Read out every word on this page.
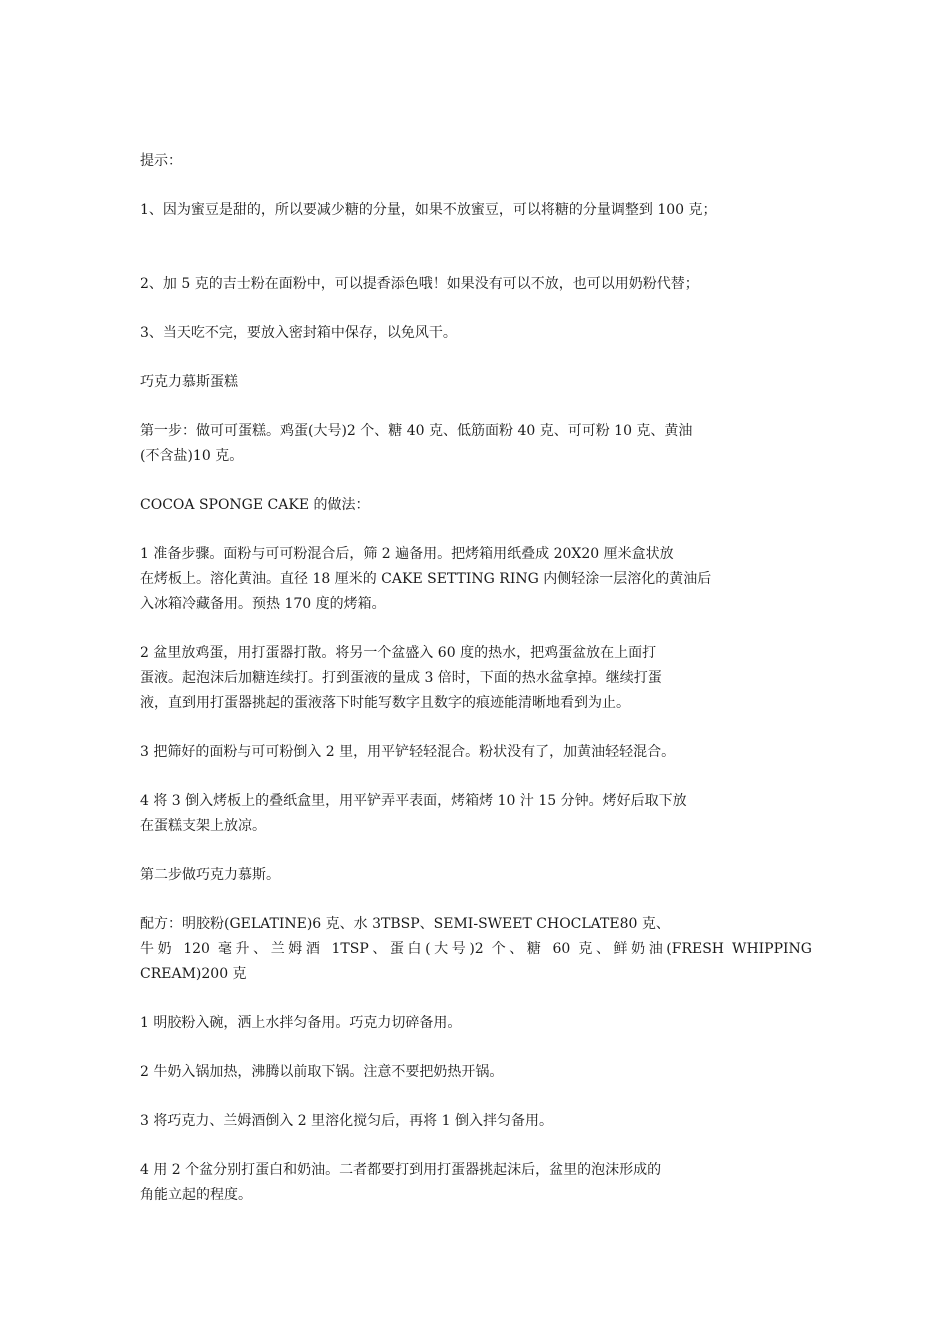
提示：

1、因为蜜豆是甜的，所以要减少糖的分量，如果不放蜜豆，可以将糖的分量调整到 100 克；

2、加 5 克的吉士粉在面粉中，可以提香添色哦！如果没有可以不放，也可以用奶粉代替；

3、当天吃不完，要放入密封箱中保存，以免风干。

巧克力慕斯蛋糕

第一步：做可可蛋糕。鸡蛋(大号)2 个、糖 40 克、低筋面粉 40 克、可可粉 10 克、黄油
(不含盐)10 克。

COCOA SPONGE CAKE 的做法：

1 准备步骤。面粉与可可粉混合后，筛 2 遍备用。把烤箱用纸叠成 20X20 厘米盒状放
在烤板上。溶化黄油。直径 18 厘米的 CAKE SETTING RING 内侧轻涂一层溶化的黄油后
入冰箱冷藏备用。预热 170 度的烤箱。

2 盆里放鸡蛋，用打蛋器打散。将另一个盆盛入 60 度的热水，把鸡蛋盆放在上面打
蛋液。起泡沫后加糖连续打。打到蛋液的量成 3 倍时，下面的热水盆拿掉。继续打蛋
液，直到用打蛋器挑起的蛋液落下时能写数字且数字的痕迹能清晰地看到为止。

3 把筛好的面粉与可可粉倒入 2 里，用平铲轻轻混合。粉状没有了，加黄油轻轻混合。

4 将 3 倒入烤板上的叠纸盒里，用平铲弄平表面，烤箱烤 10 汁 15 分钟。烤好后取下放
在蛋糕支架上放凉。

第二步做巧克力慕斯。

配方：明胶粉(GELATINE)6 克、水 3TBSP、SEMI-SWEET CHOCLATE80 克、
牛奶 120 毫升、兰姆酒 1TSP、蛋白(大号)2 个、糖 60 克、鲜奶油(FRESH WHIPPING
CREAM)200 克

1 明胶粉入碗，洒上水拌匀备用。巧克力切碎备用。

2 牛奶入锅加热，沸腾以前取下锅。注意不要把奶热开锅。

3 将巧克力、兰姆酒倒入 2 里溶化搅匀后，再将 1 倒入拌匀备用。

4 用 2 个盆分别打蛋白和奶油。二者都要打到用打蛋器挑起沫后，盆里的泡沫形成的
角能立起的程度。
